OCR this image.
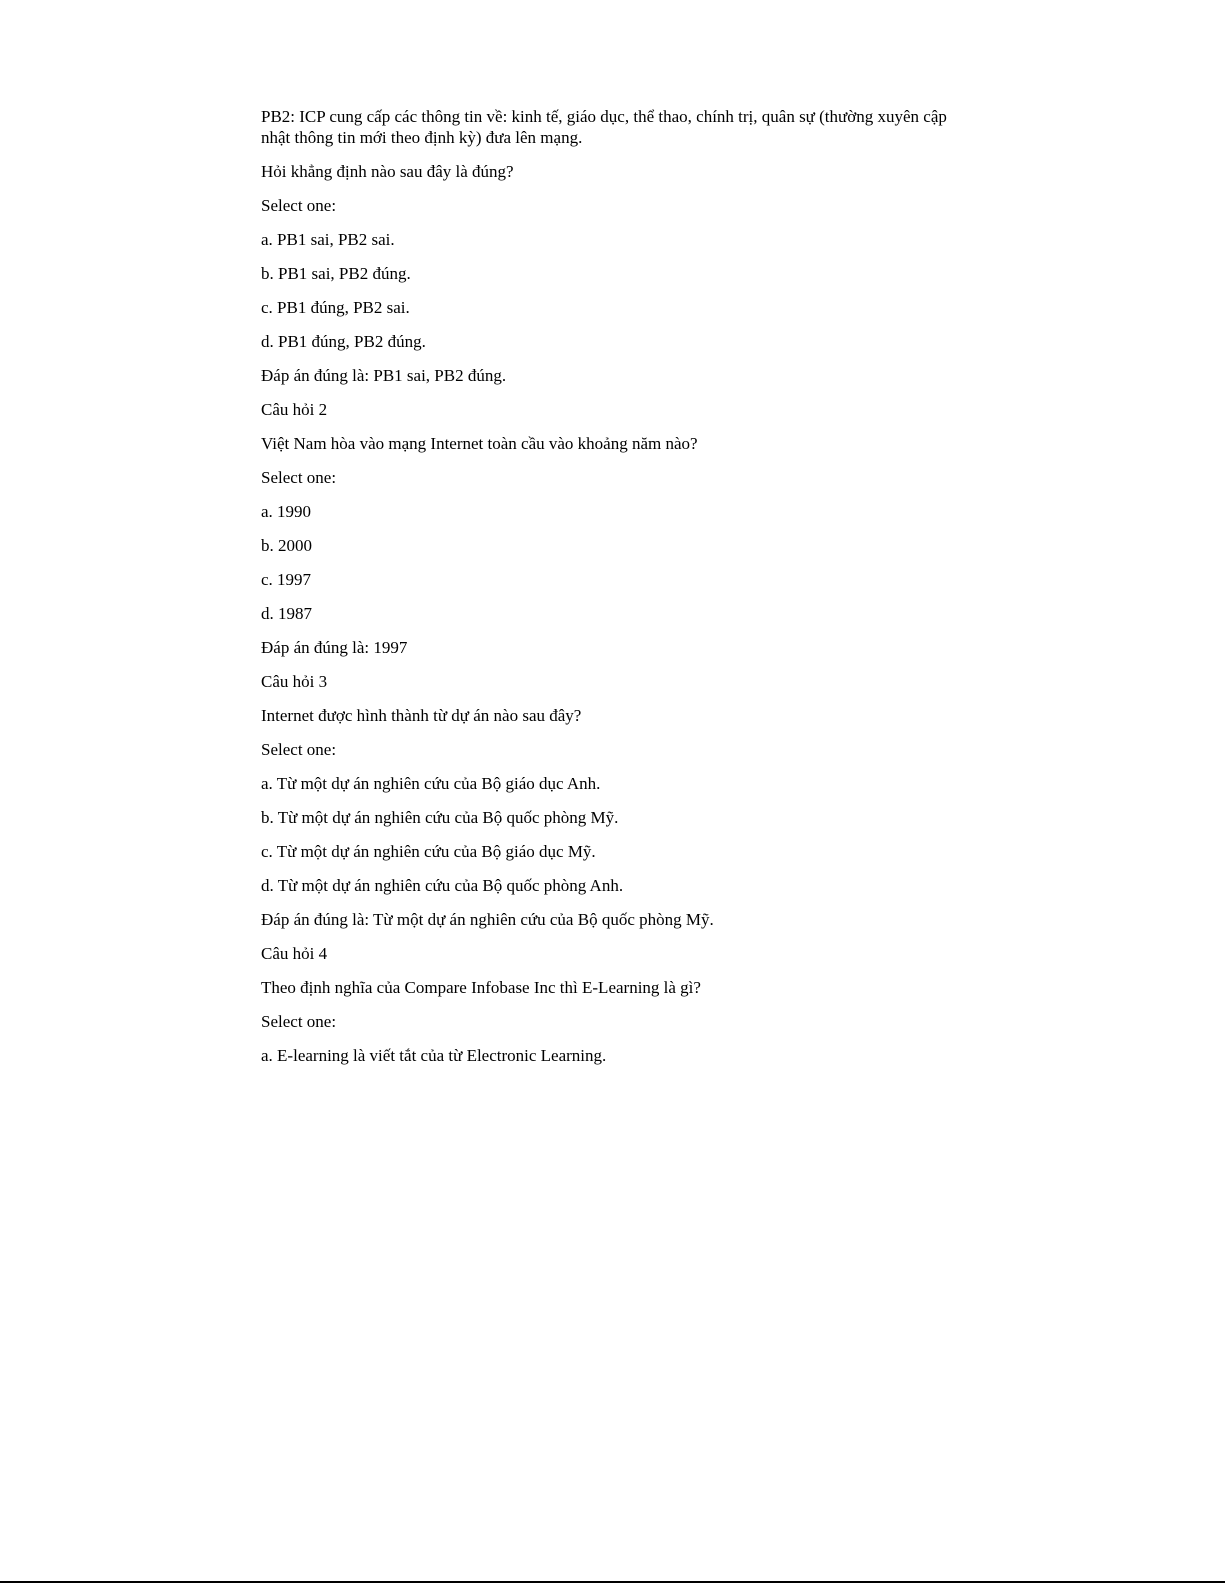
PB2: ICP cung cấp các thông tin về: kinh tế, giáo dục, thể thao, chính trị, quân sự (thường xuyên cập nhật thông tin mới theo định kỳ) đưa lên mạng.

Hỏi khẳng định nào sau đây là đúng?

Select one:

a. PB1 sai, PB2 sai.

b. PB1 sai, PB2 đúng.

c. PB1 đúng, PB2 sai.

d. PB1 đúng, PB2 đúng.

Đáp án đúng là: PB1 sai, PB2 đúng.

Câu hỏi 2

Việt Nam hòa vào mạng Internet toàn cầu vào khoảng năm nào?

Select one:

a. 1990

b. 2000

c. 1997

d. 1987

Đáp án đúng là: 1997

Câu hỏi 3

Internet được hình thành từ dự án nào sau đây?

Select one:

a. Từ một dự án nghiên cứu của Bộ giáo dục Anh.

b. Từ một dự án nghiên cứu của Bộ quốc phòng Mỹ.

c. Từ một dự án nghiên cứu của Bộ giáo dục Mỹ.

d. Từ một dự án nghiên cứu của Bộ quốc phòng Anh.

Đáp án đúng là: Từ một dự án nghiên cứu của Bộ quốc phòng Mỹ.

Câu hỏi 4

Theo định nghĩa của Compare Infobase Inc thì E-Learning là gì?

Select one:

a. E-learning là viết tắt của từ Electronic Learning.
